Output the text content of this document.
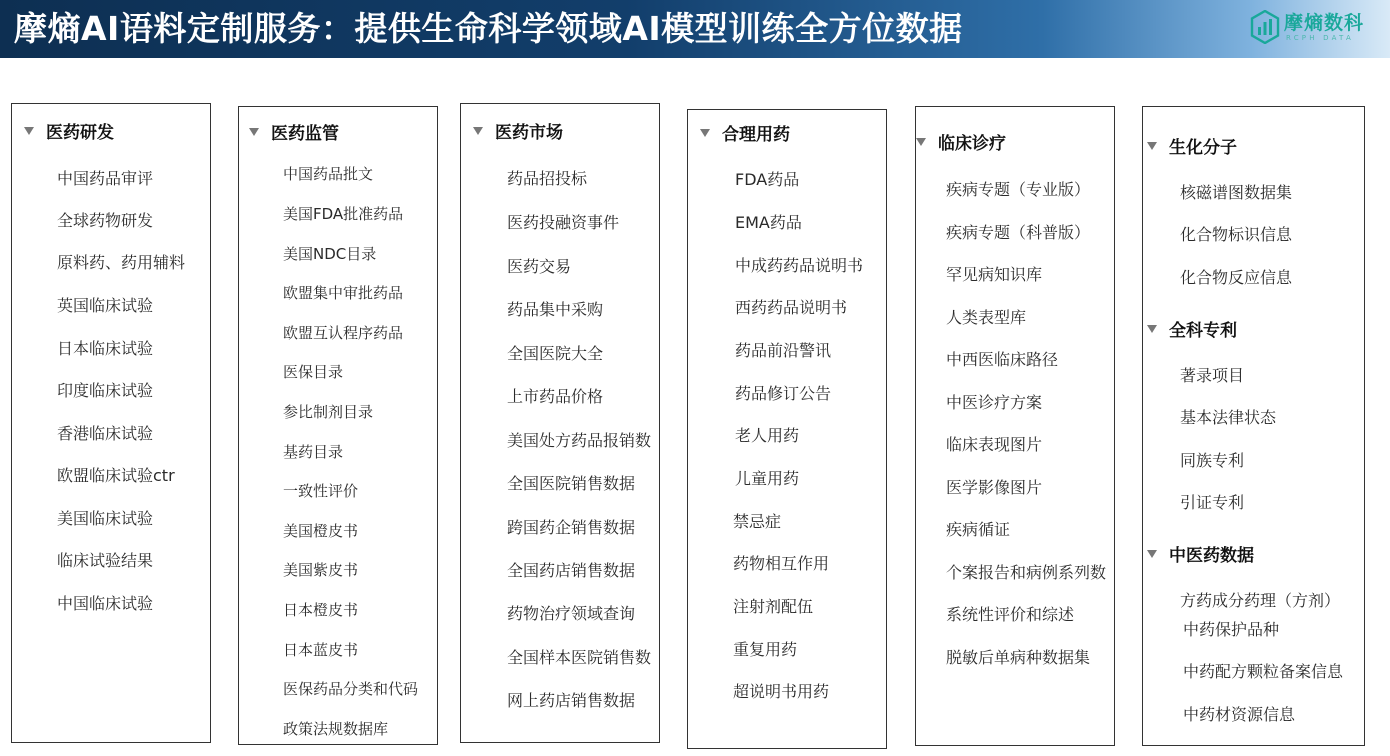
摩熵AI语料定制服务：提供生命科学领域AI模型训练全方位数据	摩熵数科
RCPH DATA
医药研发
中国药品审评
全球药物研发
原料药、药用辅料
英国临床试验
日本临床试验
印度临床试验
香港临床试验
欧盟临床试验ctr
美国临床试验
临床试验结果
中国临床试验
医药监管
中国药品批文
美国FDA批准药品
美国NDC目录
欧盟集中审批药品
欧盟互认程序药品
医保目录
参比制剂目录
基药目录
一致性评价
美国橙皮书
美国紫皮书
日本橙皮书
日本蓝皮书
医保药品分类和代码
政策法规数据库
医药市场
药品招投标
医药投融资事件
医药交易
药品集中采购
全国医院大全
上市药品价格
美国处方药品报销数
全国医院销售数据
跨国药企销售数据
全国药店销售数据
药物治疗领域查询
全国样本医院销售数
网上药店销售数据
合理用药
FDA药品
EMA药品
中成药药品说明书
西药药品说明书
药品前沿警讯
药品修订公告
老人用药
儿童用药
禁忌症
药物相互作用
注射剂配伍
重复用药
超说明书用药
临床诊疗
疾病专题（专业版）
疾病专题（科普版）
罕见病知识库
人类表型库
中西医临床路径
中医诊疗方案
临床表现图片
医学影像图片
疾病循证
个案报告和病例系列数
系统性评价和综述
脱敏后单病种数据集
生化分子
核磁谱图数据集
化合物标识信息
化合物反应信息
全科专利
著录项目
基本法律状态
同族专利
引证专利
中医药数据
方药成分药理（方剂）
中药保护品种
中药配方颗粒备案信息
中药材资源信息
